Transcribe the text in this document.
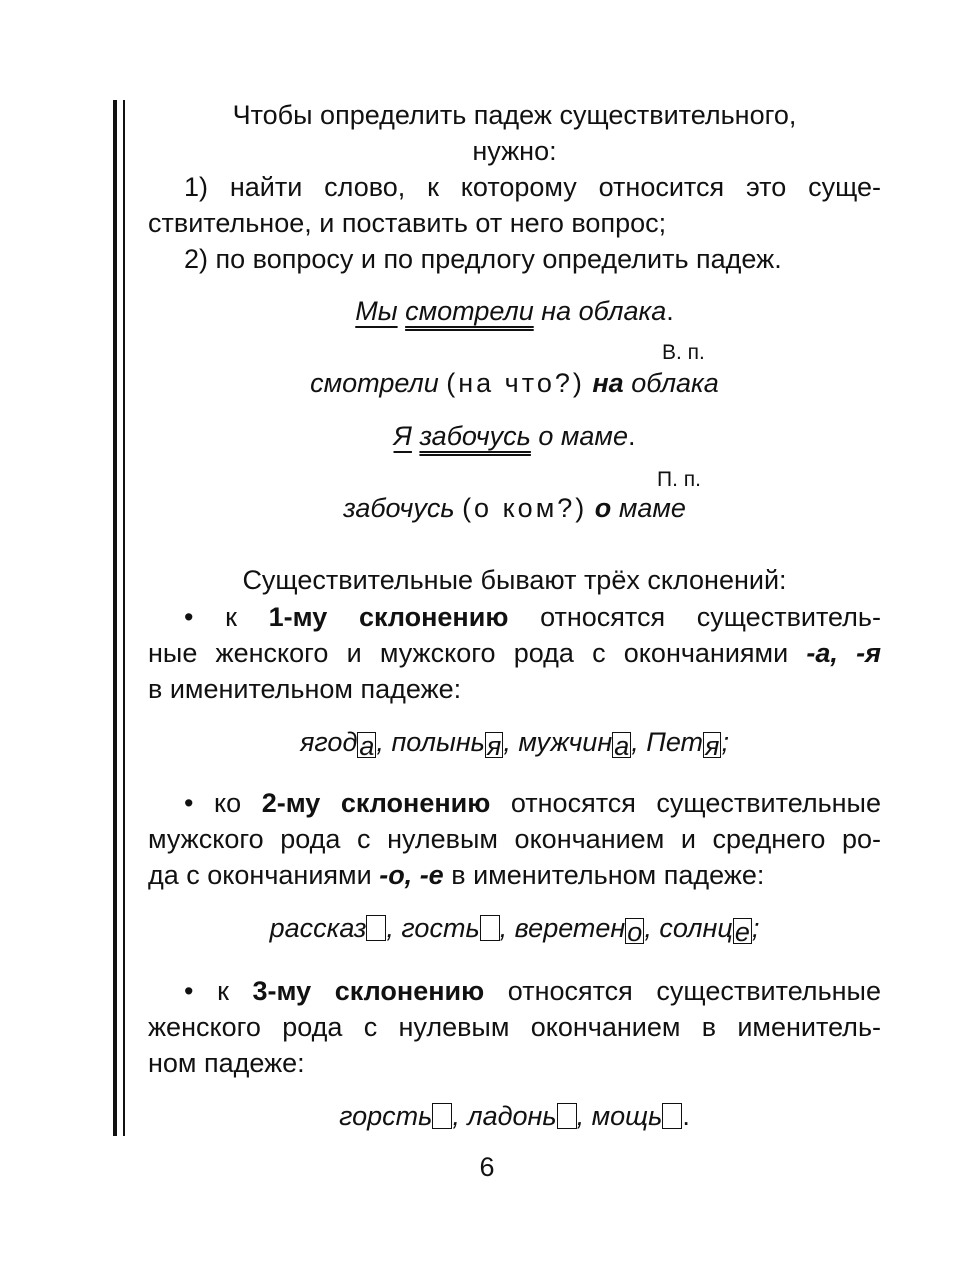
Чтобы определить падеж существительного,
нужно:
1) найти слово, к которому относится это суще-
ствительное, и поставить от него вопрос;
2) по вопросу и по предлогу определить падеж.
Мы смотрели на облака.
В. п.
смотрели (на что?) на облака
Я забочусь о маме.
П. п.
забочусь (о ком?) о маме
Существительные бывают трёх склонений:
• к 1-му склонению относятся существитель-
ные женского и мужского рода с окончаниями -а, -я
в именительном падеже:
ягода, полынья, мужчина, Петя;
• ко 2-му склонению относятся существительные
мужского рода с нулевым окончанием и среднего ро-
да с окончаниями -о, -е в именительном падеже:
рассказ , гость , веретено, солнце;
• к 3-му склонению относятся существительные
женского рода с нулевым окончанием в именитель-
ном падеже:
горсть , ладонь , мощь .
6
